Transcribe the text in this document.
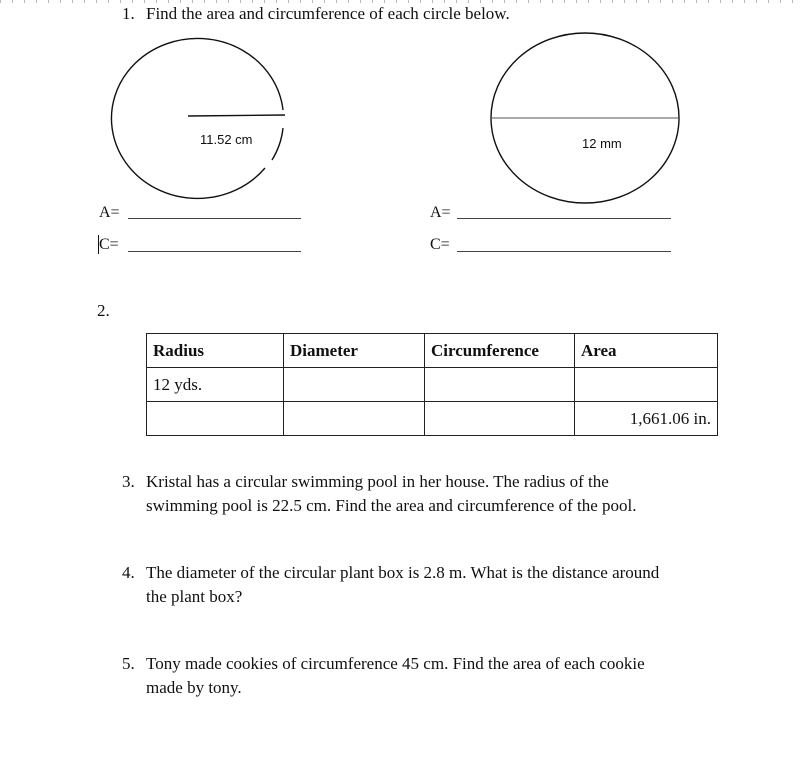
1. Find the area and circumference of each circle below.
11.52 cm	12 mm
A=
C=
A=
C=
2.
Radius	Diameter	Circumference	Area
12 yds.			
			1,661.06 in.
3. Kristal has a circular swimming pool in her house. The radius of the
swimming pool is 22.5 cm. Find the area and circumference of the pool.
4. The diameter of the circular plant box is 2.8 m. What is the distance around
the plant box?
5. Tony made cookies of circumference 45 cm. Find the area of each cookie
made by tony.
